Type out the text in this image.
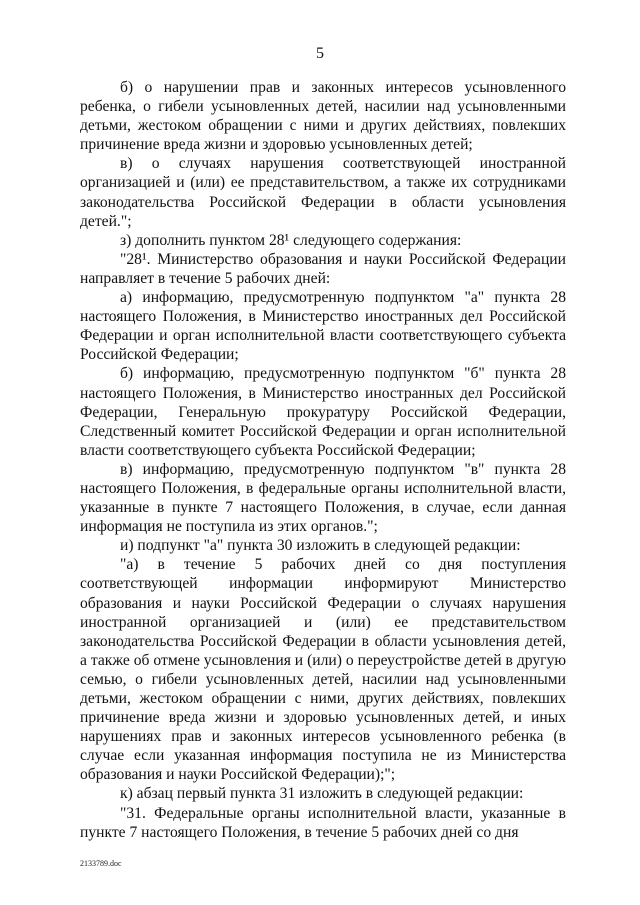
5

б) о нарушении прав и законных интересов усыновленного ребенка, о гибели усыновленных детей, насилии над усыновленными детьми, жестоком обращении с ними и других действиях, повлекших причинение вреда жизни и здоровью усыновленных детей;

в) о случаях нарушения соответствующей иностранной организацией и (или) ее представительством, а также их сотрудниками законодательства Российской Федерации в области усыновления детей.";

з) дополнить пунктом 28¹ следующего содержания:

"28¹. Министерство образования и науки Российской Федерации направляет в течение 5 рабочих дней:

а) информацию, предусмотренную подпунктом "а" пункта 28 настоящего Положения, в Министерство иностранных дел Российской Федерации и орган исполнительной власти соответствующего субъекта Российской Федерации;

б) информацию, предусмотренную подпунктом "б" пункта 28 настоящего Положения, в Министерство иностранных дел Российской Федерации, Генеральную прокуратуру Российской Федерации, Следственный комитет Российской Федерации и орган исполнительной власти соответствующего субъекта Российской Федерации;

в) информацию, предусмотренную подпунктом "в" пункта 28 настоящего Положения, в федеральные органы исполнительной власти, указанные в пункте 7 настоящего Положения, в случае, если данная информация не поступила из этих органов.";

и) подпункт "а" пункта 30 изложить в следующей редакции:

"а) в течение 5 рабочих дней со дня поступления соответствующей информации информируют Министерство образования и науки Российской Федерации о случаях нарушения иностранной организацией и (или) ее представительством законодательства Российской Федерации в области усыновления детей, а также об отмене усыновления и (или) о переустройстве детей в другую семью, о гибели усыновленных детей, насилии над усыновленными детьми, жестоком обращении с ними, других действиях, повлекших причинение вреда жизни и здоровью усыновленных детей, и иных нарушениях прав и законных интересов усыновленного ребенка (в случае если указанная информация поступила не из Министерства образования и науки Российской Федерации);";

к) абзац первый пункта 31 изложить в следующей редакции:

"31. Федеральные органы исполнительной власти, указанные в пункте 7 настоящего Положения, в течение 5 рабочих дней со дня

2133789.doc
